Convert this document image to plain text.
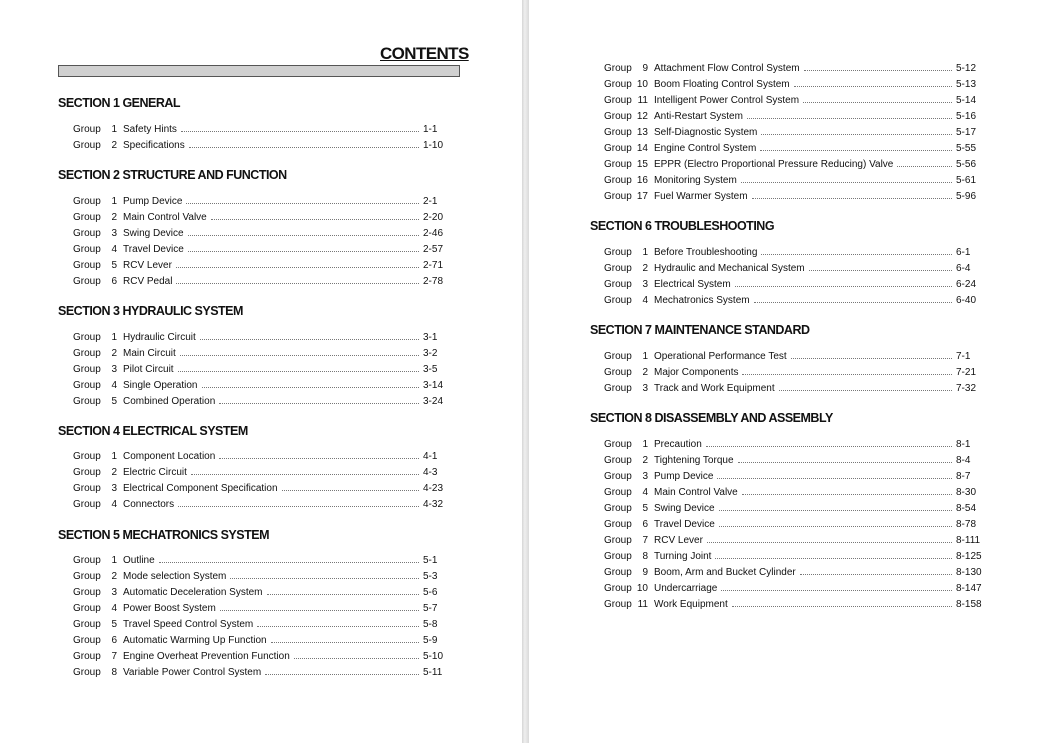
CONTENTS
SECTION 1 GENERAL
Group	1 Safety Hints	1-1
Group	2 Specifications	1-10
SECTION 2 STRUCTURE AND FUNCTION
Group	1 Pump Device	2-1
Group	2 Main Control Valve	2-20
Group	3 Swing Device	2-46
Group	4 Travel Device	2-57
Group	5 RCV Lever	2-71
Group	6 RCV Pedal	2-78
SECTION 3 HYDRAULIC SYSTEM
Group	1 Hydraulic Circuit	3-1
Group	2 Main Circuit	3-2
Group	3 Pilot Circuit	3-5
Group	4 Single Operation	3-14
Group	5 Combined Operation	3-24
SECTION 4 ELECTRICAL SYSTEM
Group	1 Component Location	4-1
Group	2 Electric Circuit	4-3
Group	3 Electrical Component Specification	4-23
Group	4 Connectors	4-32
SECTION 5 MECHATRONICS SYSTEM
Group	1 Outline	5-1
Group	2 Mode selection System	5-3
Group	3 Automatic Deceleration System	5-6
Group	4 Power Boost System	5-7
Group	5 Travel Speed Control System	5-8
Group	6 Automatic Warming Up Function	5-9
Group	7 Engine Overheat Prevention Function	5-10
Group	8 Variable Power Control System	5-11
Group	9 Attachment Flow Control System	5-12
Group 10 Boom Floating Control System	5-13
Group 11 Intelligent Power Control System	5-14
Group 12 Anti-Restart System	5-16
Group 13 Self-Diagnostic System	5-17
Group 14 Engine Control System	5-55
Group 15 EPPR (Electro Proportional Pressure Reducing) Valve	5-56
Group 16 Monitoring System	5-61
Group 17 Fuel Warmer System	5-96
SECTION 6 TROUBLESHOOTING
Group	1 Before Troubleshooting	6-1
Group	2 Hydraulic and Mechanical System	6-4
Group	3 Electrical System	6-24
Group	4 Mechatronics System	6-40
SECTION 7 MAINTENANCE STANDARD
Group	1 Operational Performance Test	7-1
Group	2 Major Components	7-21
Group	3 Track and Work Equipment	7-32
SECTION 8 DISASSEMBLY AND ASSEMBLY
Group	1 Precaution	8-1
Group	2 Tightening Torque	8-4
Group	3 Pump Device	8-7
Group	4 Main Control Valve	8-30
Group	5 Swing Device	8-54
Group	6 Travel Device	8-78
Group	7 RCV Lever	8-111
Group	8 Turning Joint	8-125
Group	9 Boom, Arm and Bucket Cylinder	8-130
Group 10 Undercarriage	8-147
Group 11 Work Equipment	8-158
